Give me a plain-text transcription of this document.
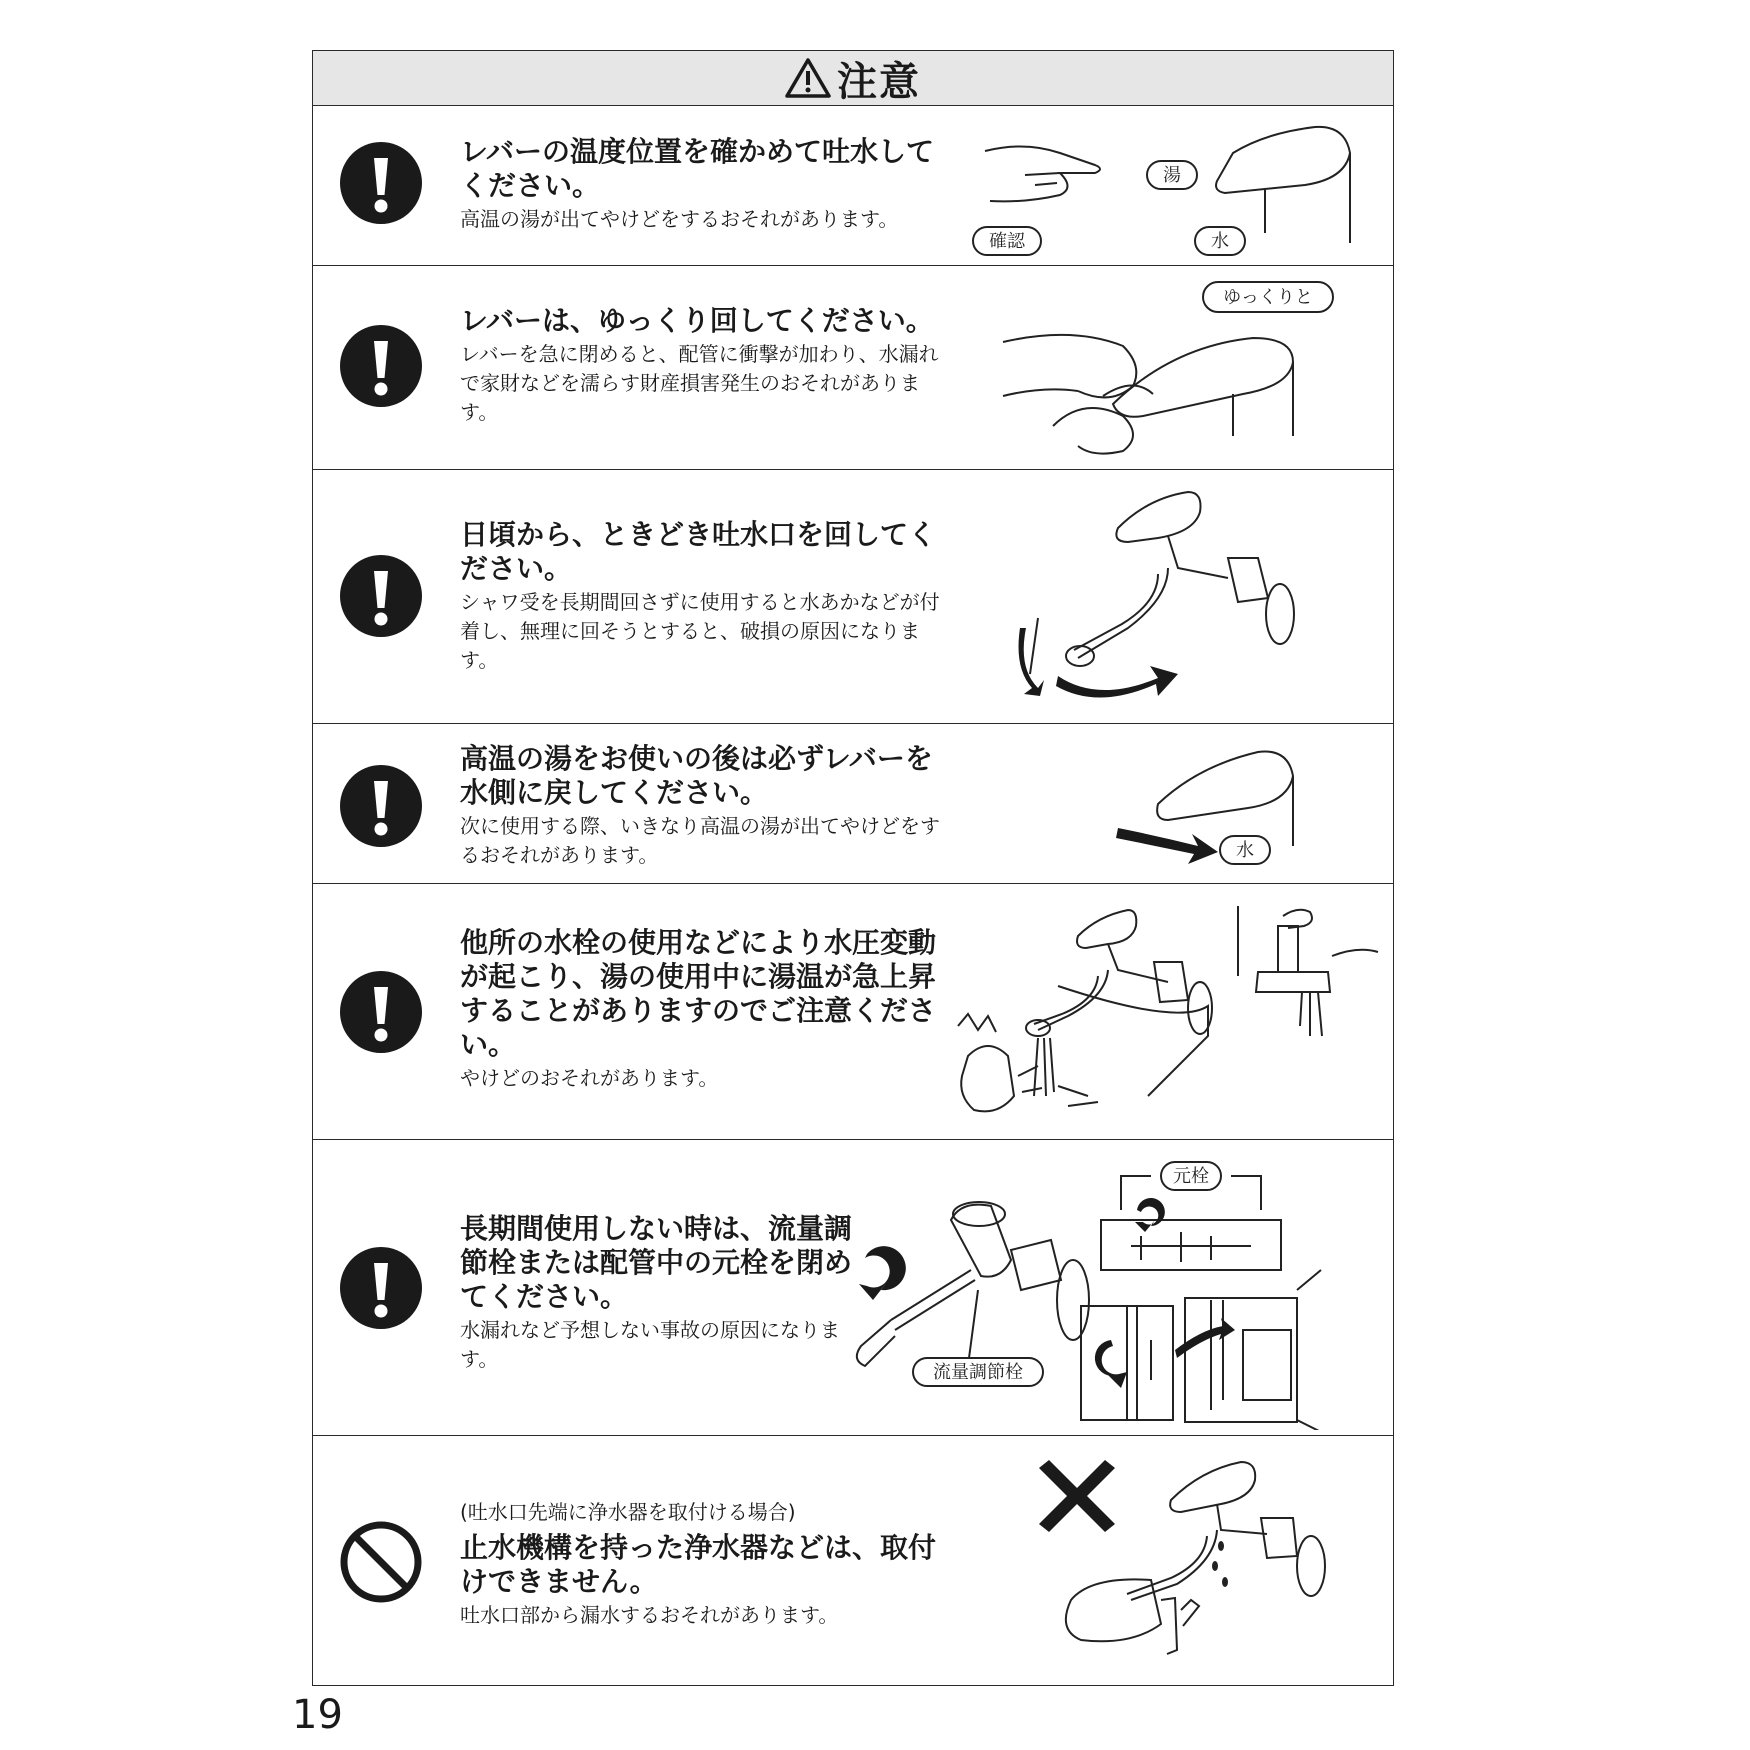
注意
レバーの温度位置を確かめて吐水してください。
高温の湯が出てやけどをするおそれがあります。
確認
湯
水
レバーは、ゆっくり回してください。
レバーを急に閉めると、配管に衝撃が加わり、水漏れで家財などを濡らす財産損害発生のおそれがあります。
ゆっくりと
日頃から、ときどき吐水口を回してください。
シャワ受を長期間回さずに使用すると水あかなどが付着し、無理に回そうとすると、破損の原因になります。
高温の湯をお使いの後は必ずレバーを水側に戻してください。
次に使用する際、いきなり高温の湯が出てやけどをするおそれがあります。	水
他所の水栓の使用などにより水圧変動が起こり、湯の使用中に湯温が急上昇することがありますのでご注意ください。
やけどのおそれがあります。
長期間使用しない時は、流量調節栓または配管中の元栓を閉めてください。
水漏れなど予想しない事故の原因になります。
流量調節栓
元栓
(吐水口先端に浄水器を取付ける場合)
止水機構を持った浄水器などは、取付けできません。
吐水口部から漏水するおそれがあります。
19
